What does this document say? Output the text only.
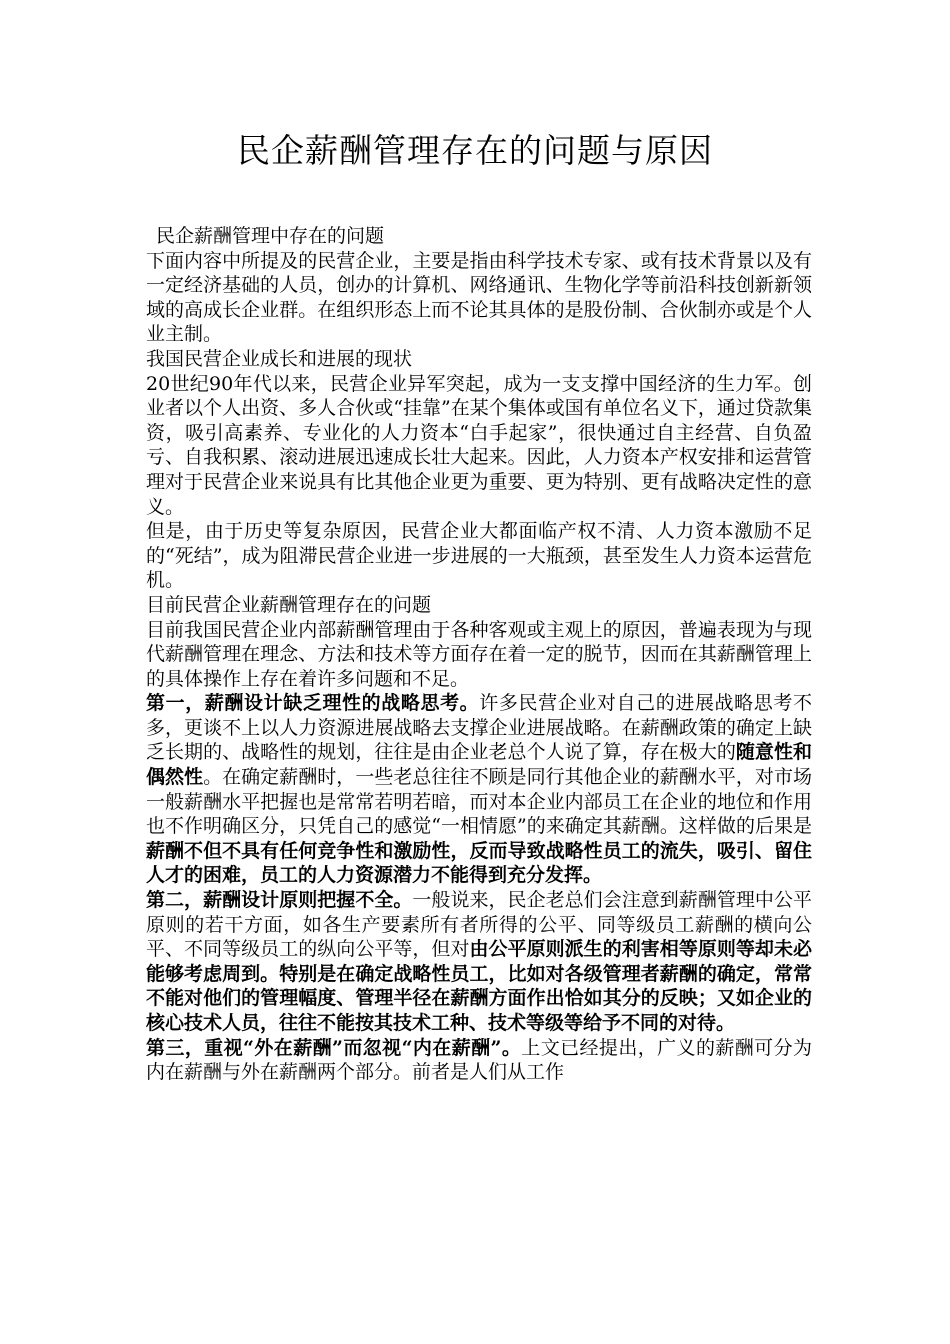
民企薪酬管理存在的问题与原因

民企薪酬管理中存在的问题

下面内容中所提及的民营企业，主要是指由科学技术专家、或有技术背景以及有一定经济基础的人员，创办的计算机、网络通讯、生物化学等前沿科技创新新领域的高成长企业群。在组织形态上而不论其具体的是股份制、合伙制亦或是个人业主制。

我国民营企业成长和进展的现状

20世纪90年代以来，民营企业异军突起，成为一支支撑中国经济的生力军。创业者以个人出资、多人合伙或“挂靠”在某个集体或国有单位名义下，通过贷款集资，吸引高素养、专业化的人力资本“白手起家”，很快通过自主经营、自负盈亏、自我积累、滚动进展迅速成长壮大起来。因此，人力资本产权安排和运营管理对于民营企业来说具有比其他企业更为重要、更为特别、更有战略决定性的意义。

但是，由于历史等复杂原因，民营企业大都面临产权不清、人力资本激励不足的“死结”，成为阻滞民营企业进一步进展的一大瓶颈，甚至发生人力资本运营危机。

目前民营企业薪酬管理存在的问题

目前我国民营企业内部薪酬管理由于各种客观或主观上的原因，普遍表现为与现代薪酬管理在理念、方法和技术等方面存在着一定的脱节，因而在其薪酬管理上的具体操作上存在着许多问题和不足。

第一，薪酬设计缺乏理性的战略思考。许多民营企业对自己的进展战略思考不多，更谈不上以人力资源进展战略去支撑企业进展战略。在薪酬政策的确定上缺乏长期的、战略性的规划，往往是由企业老总个人说了算，存在极大的随意性和偶然性。在确定薪酬时，一些老总往往不顾是同行其他企业的薪酬水平，对市场一般薪酬水平把握也是常常若明若暗，而对本企业内部员工在企业的地位和作用也不作明确区分，只凭自己的感觉“一相情愿”的来确定其薪酬。这样做的后果是薪酬不但不具有任何竞争性和激励性，反而导致战略性员工的流失，吸引、留住人才的困难，员工的人力资源潜力不能得到充分发挥。

第二，薪酬设计原则把握不全。一般说来，民企老总们会注意到薪酬管理中公平原则的若干方面，如各生产要素所有者所得的公平、同等级员工薪酬的横向公平、不同等级员工的纵向公平等，但对由公平原则派生的利害相等原则等却未必能够考虑周到。特别是在确定战略性员工，比如对各级管理者薪酬的确定，常常不能对他们的管理幅度、管理半径在薪酬方面作出恰如其分的反映；又如企业的核心技术人员，往往不能按其技术工种、技术等级等给予不同的对待。

第三，重视“外在薪酬”而忽视“内在薪酬”。上文已经提出，广义的薪酬可分为内在薪酬与外在薪酬两个部分。前者是人们从工作
